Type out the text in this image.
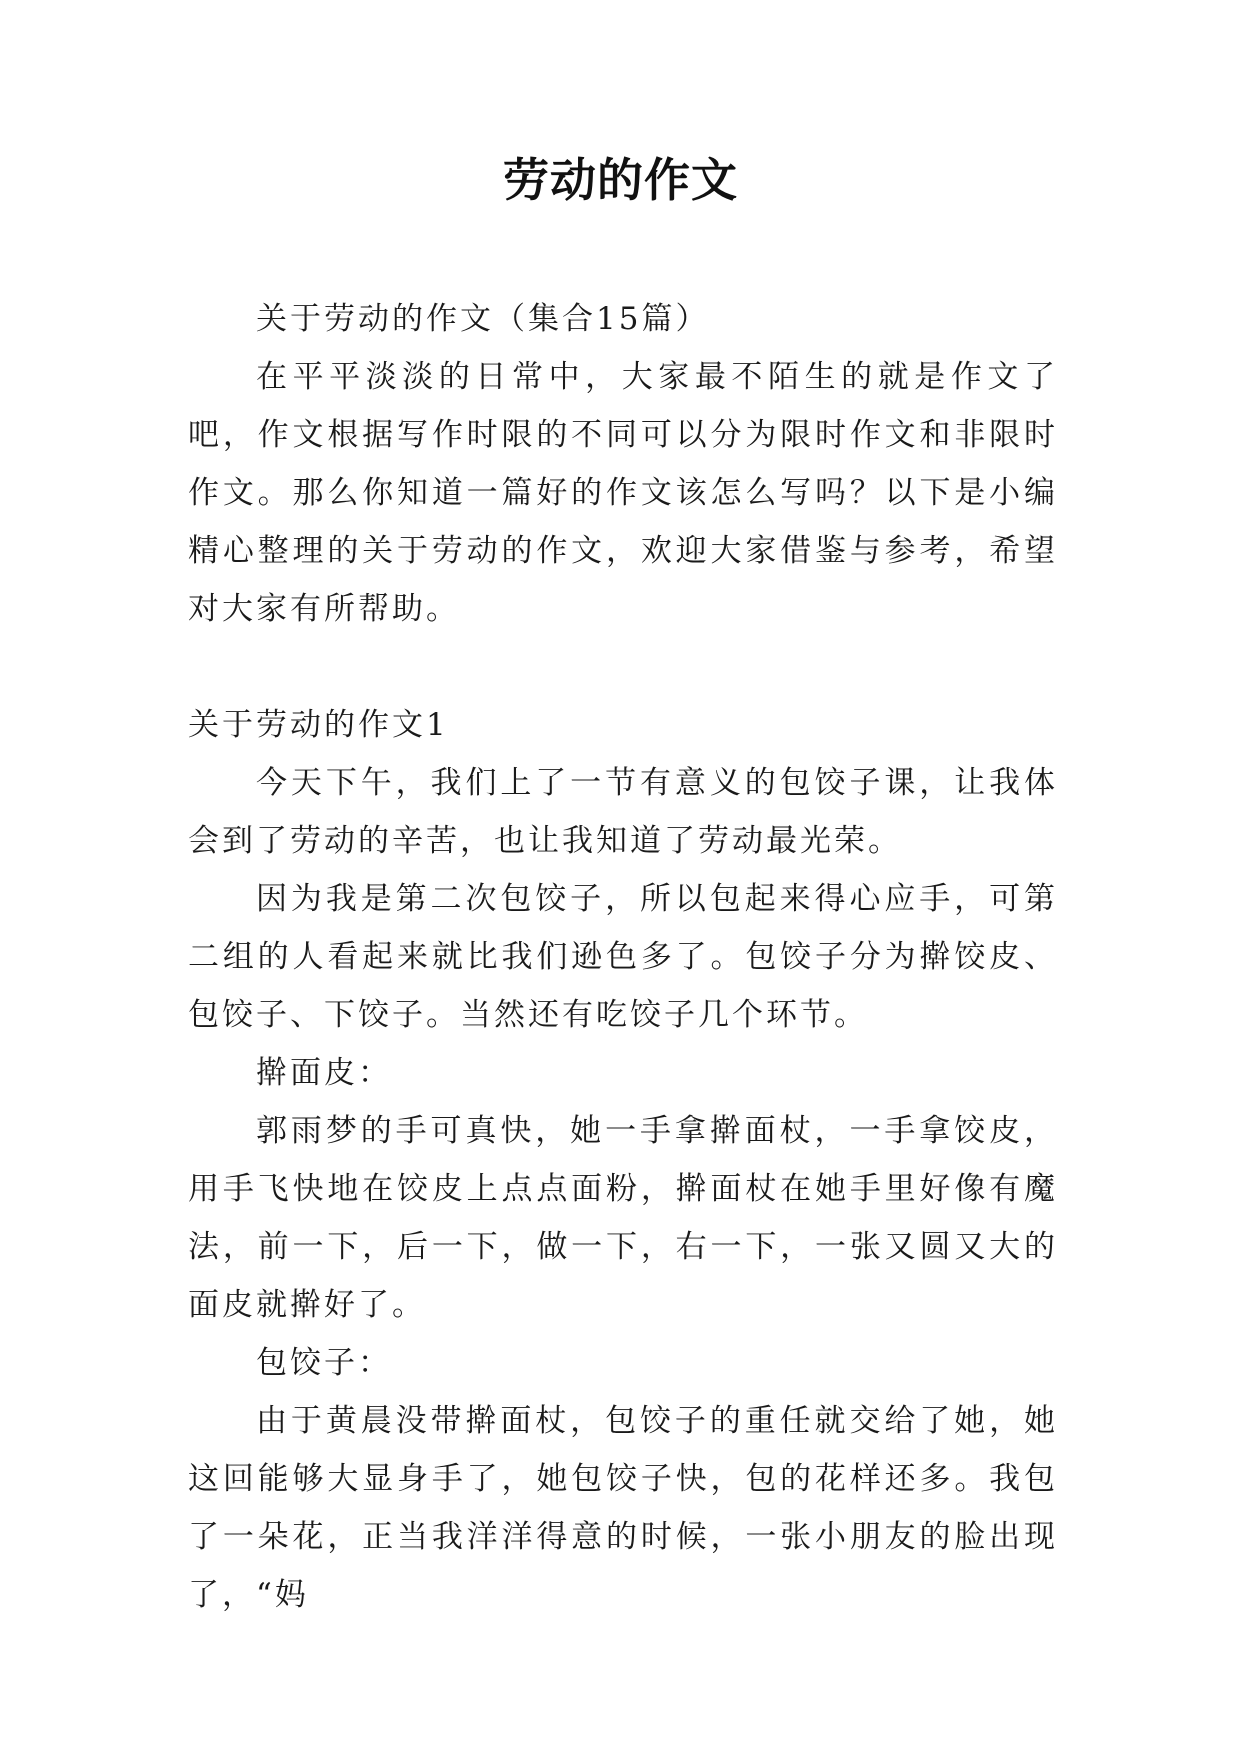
劳动的作文

关于劳动的作文（集合15篇）

在平平淡淡的日常中，大家最不陌生的就是作文了吧，作文根据写作时限的不同可以分为限时作文和非限时作文。那么你知道一篇好的作文该怎么写吗？以下是小编精心整理的关于劳动的作文，欢迎大家借鉴与参考，希望对大家有所帮助。

关于劳动的作文1

今天下午，我们上了一节有意义的包饺子课，让我体会到了劳动的辛苦，也让我知道了劳动最光荣。

因为我是第二次包饺子，所以包起来得心应手，可第二组的人看起来就比我们逊色多了。包饺子分为擀饺皮、包饺子、下饺子。当然还有吃饺子几个环节。

擀面皮：

郭雨梦的手可真快，她一手拿擀面杖，一手拿饺皮，用手飞快地在饺皮上点点面粉，擀面杖在她手里好像有魔法，前一下，后一下，做一下，右一下，一张又圆又大的面皮就擀好了。

包饺子：

由于黄晨没带擀面杖，包饺子的重任就交给了她，她这回能够大显身手了，她包饺子快，包的花样还多。我包了一朵花，正当我洋洋得意的时候，一张小朋友的脸出现了，“妈
